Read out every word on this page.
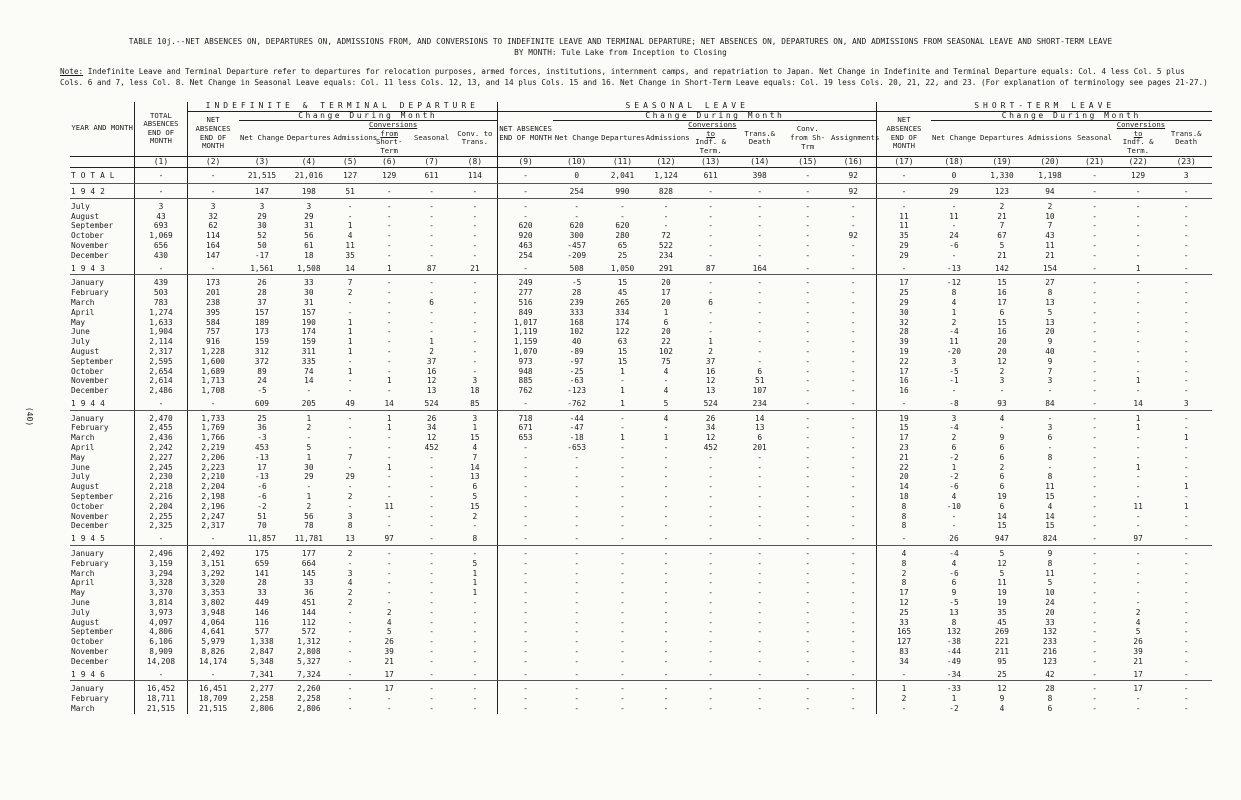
TABLE 10j.--NET ABSENCES ON, DEPARTURES ON, ADMISSIONS FROM, AND CONVERSIONS TO INDEFINITE LEAVE AND TERMINAL DEPARTURE; NET ABSENCES ON, DEPARTURES ON, AND ADMISSIONS FROM SEASONAL LEAVE AND SHORT-TERM LEAVE
BY MONTH: Tule Lake from Inception to Closing
Note: Indefinite Leave and Terminal Departure refer to departures for relocation purposes, armed forces, institutions, internment camps, and repatriation to Japan. Net Change in Indefinite and Terminal Departure equals: Col. 4 less Col. 5 plus Cols. 6 and 7, less Col. 8. Net Change in Seasonal Leave equals: Col. 11 less Cols. 12, 13, and 14 plus Cols. 15 and 16. Net Change in Short-Term Leave equals: Col. 19 less Cols. 20, 21, 22, and 23. (For explanation of terminology see pages 21-27.)
(40)
YEAR AND MONTH	TOTAL ABSENCES END OF MONTH	INDEFINITE & TERMINAL DEPARTURE							SEASONAL LEAVE								SHORT-TERM LEAVE						
		NET ABSENCES END OF MONTH	Change During Month						NET ABSENCES END OF MONTH	Change During Month							NET ABSENCES END OF MONTH	Change During Month					
			Net Change	Departures	Admissions	Conversions from
Short-Term	Seasonal	Conv. to Trans.		Net Change	Departures	Admissions	Conversions to
Indf. & Term.	Trans.& Death	Conv. from Sh-Trm	Assignments		Net Change	Departures	Admissions	Seasonal	Conversions to
Indf. & Term.	Trans.& Death
	(1)	(2)	(3)	(4)	(5)	(6)	(7)	(8)	(9)	(10)	(11)	(12)	(13)	(14)	(15)	(16)	(17)	(18)	(19)	(20)	(21)	(22)	(23)
TOTAL	-	-	21,515	21,016	127	129	611	114	-	0	2,041	1,124	611	398	-	92	-	0	1,330	1,198	-	129	3
1942	-	-	147	198	51	-	-	-	-	254	990	828	-	-	-	92	-	29	123	94	-	-	-
July	3	3	3	3	-	-	-	-	-	-	-	-	-	-	-	-	-	-	2	2	-	-	-
August	43	32	29	29	-	-	-	-	-	-	-	-	-	-	-	-	11	11	21	10	-	-	-
September	693	62	30	31	1	-	-	-	620	620	620	-	-	-	-	-	11	-	7	7	-	-	-
October	1,069	114	52	56	4	-	-	-	920	300	280	72	-	-	-	92	35	24	67	43	-	-	-
November	656	164	50	61	11	-	-	-	463	-457	65	522	-	-	-	-	29	-6	5	11	-	-	-
December	430	147	-17	18	35	-	-	-	254	-209	25	234	-	-	-	-	29	-	21	21	-	-	-
1943	-	-	1,561	1,508	14	1	87	21	-	508	1,050	291	87	164	-	-	-	-13	142	154	-	1	-
January	439	173	26	33	7	-	-	-	249	-5	15	20	-	-	-	-	17	-12	15	27	-	-	-
February	503	201	28	30	2	-	-	-	277	28	45	17	-	-	-	-	25	8	16	8	-	-	-
March	783	238	37	31	-	-	6	-	516	239	265	20	6	-	-	-	29	4	17	13	-	-	-
April	1,274	395	157	157	-	-	-	-	849	333	334	1	-	-	-	-	30	1	6	5	-	-	-
May	1,633	584	189	190	1	-	-	-	1,017	168	174	6	-	-	-	-	32	2	15	13	-	-	-
June	1,904	757	173	174	1	-	-	-	1,119	102	122	20	-	-	-	-	28	-4	16	20	-	-	-
July	2,114	916	159	159	1	-	1	-	1,159	40	63	22	1	-	-	-	39	11	20	9	-	-	-
August	2,317	1,228	312	311	1	-	2	-	1,070	-89	15	102	2	-	-	-	19	-20	20	40	-	-	-
September	2,595	1,600	372	335	-	-	37	-	973	-97	15	75	37	-	-	-	22	3	12	9	-	-	-
October	2,654	1,689	89	74	1	-	16	-	948	-25	1	4	16	6	-	-	17	-5	2	7	-	-	-
November	2,614	1,713	24	14	-	1	12	3	885	-63	-	-	12	51	-	-	16	-1	3	3	-	1	-
December	2,486	1,708	-5	-	-	-	13	18	762	-123	1	4	13	107	-	-	16	-	-	-	-	-	-
1944	-	-	609	205	49	14	524	85	-	-762	1	5	524	234	-	-	-	-8	93	84	-	14	3
January	2,470	1,733	25	1	-	1	26	3	718	-44	-	4	26	14	-	-	19	3	4	-	-	1	-
February	2,455	1,769	36	2	-	1	34	1	671	-47	-	-	34	13	-	-	15	-4	-	3	-	1	-
March	2,436	1,766	-3	-	-	-	12	15	653	-18	1	1	12	6	-	-	17	2	9	6	-	-	1
April	2,242	2,219	453	5	-	-	452	4	-	-653	-	-	452	201	-	-	23	6	6	-	-	-	-
May	2,227	2,206	-13	1	7	-	-	7	-	-	-	-	-	-	-	-	21	-2	6	8	-	-	-
June	2,245	2,223	17	30	-	1	-	14	-	-	-	-	-	-	-	-	22	1	2	-	-	1	-
July	2,230	2,210	-13	29	29	-	-	13	-	-	-	-	-	-	-	-	20	-2	6	8	-	-	-
August	2,218	2,204	-6	-	-	-	-	6	-	-	-	-	-	-	-	-	14	-6	6	11	-	-	1
September	2,216	2,198	-6	1	2	-	-	5	-	-	-	-	-	-	-	-	18	4	19	15	-	-	-
October	2,204	2,196	-2	2	-	11	-	15	-	-	-	-	-	-	-	-	8	-10	6	4	-	11	1
November	2,255	2,247	51	56	3	-	-	2	-	-	-	-	-	-	-	-	8	-	14	14	-	-	-
December	2,325	2,317	70	78	8	-	-	-	-	-	-	-	-	-	-	-	8	-	15	15	-	-	-
1945	-	-	11,857	11,781	13	97	-	8	-	-	-	-	-	-	-	-	-	26	947	824	-	97	-
January	2,496	2,492	175	177	2	-	-	-	-	-	-	-	-	-	-	-	4	-4	5	9	-	-	-
February	3,159	3,151	659	664	-	-	-	5	-	-	-	-	-	-	-	-	8	4	12	8	-	-	-
March	3,294	3,292	141	145	3	-	-	1	-	-	-	-	-	-	-	-	2	-6	5	11	-	-	-
April	3,328	3,320	28	33	4	-	-	1	-	-	-	-	-	-	-	-	8	6	11	5	-	-	-
May	3,370	3,353	33	36	2	-	-	1	-	-	-	-	-	-	-	-	17	9	19	10	-	-	-
June	3,814	3,802	449	451	2	-	-	-	-	-	-	-	-	-	-	-	12	-5	19	24	-	-	-
July	3,973	3,948	146	144	-	2	-	-	-	-	-	-	-	-	-	-	25	13	35	20	-	2	-
August	4,097	4,064	116	112	-	4	-	-	-	-	-	-	-	-	-	-	33	8	45	33	-	4	-
September	4,806	4,641	577	572	-	5	-	-	-	-	-	-	-	-	-	-	165	132	269	132	-	5	-
October	6,106	5,979	1,338	1,312	-	26	-	-	-	-	-	-	-	-	-	-	127	-38	221	233	-	26	-
November	8,909	8,826	2,847	2,808	-	39	-	-	-	-	-	-	-	-	-	-	83	-44	211	216	-	39	-
December	14,208	14,174	5,348	5,327	-	21	-	-	-	-	-	-	-	-	-	-	34	-49	95	123	-	21	-
1946	-	-	7,341	7,324	-	17	-	-	-	-	-	-	-	-	-	-	-	-34	25	42	-	17	-
January	16,452	16,451	2,277	2,260	-	17	-	-	-	-	-	-	-	-	-	-	1	-33	12	28	-	17	-
February	18,711	18,709	2,258	2,258	-	-	-	-	-	-	-	-	-	-	-	-	2	1	9	8	-	-	-
March	21,515	21,515	2,806	2,806	-	-	-	-	-	-	-	-	-	-	-	-	-	-2	4	6	-	-	-
